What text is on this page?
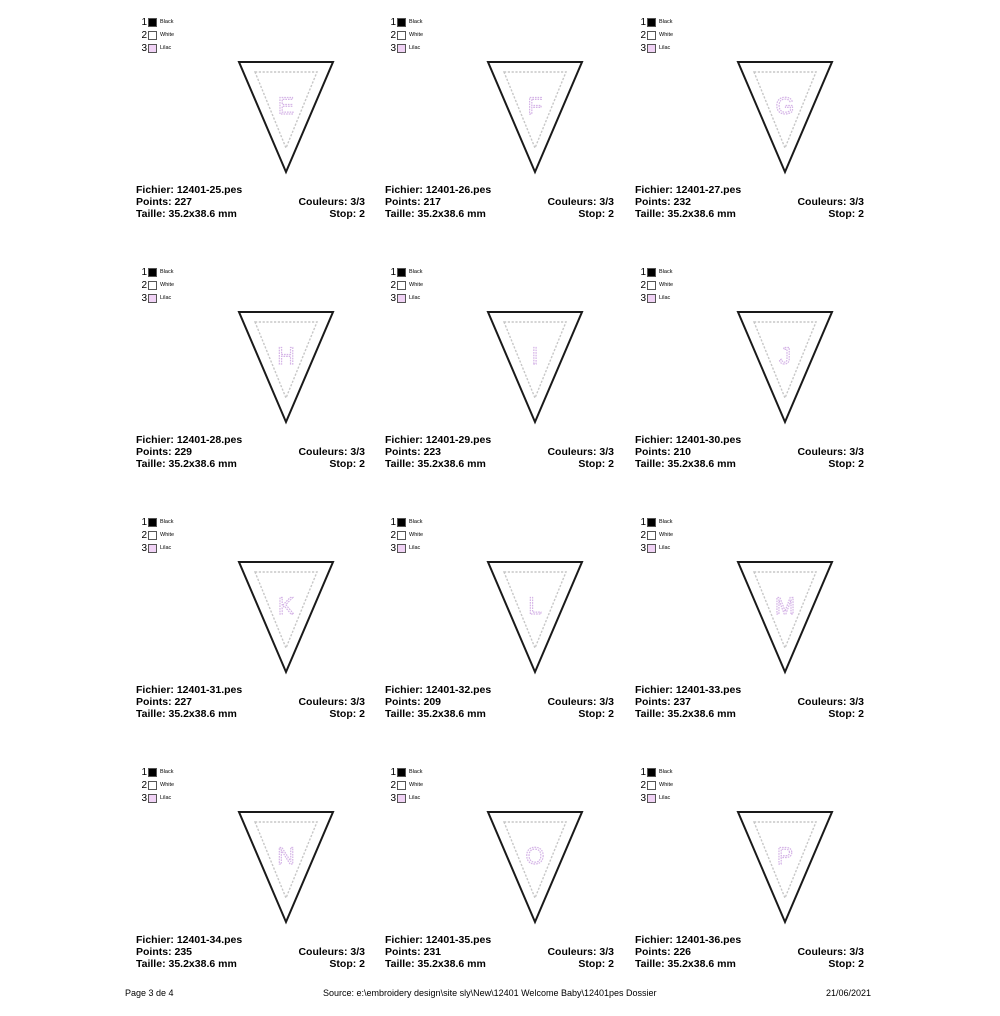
1 Black
2 White
3 Lilac
E
Fichier: 12401-25.pes
Points: 227	Couleurs: 3/3
Taille: 35.2x38.6 mm	Stop: 2
1 Black
2 White
3 Lilac
F
Fichier: 12401-26.pes
Points: 217	Couleurs: 3/3
Taille: 35.2x38.6 mm	Stop: 2
1 Black
2 White
3 Lilac
G
Fichier: 12401-27.pes
Points: 232	Couleurs: 3/3
Taille: 35.2x38.6 mm	Stop: 2
1 Black
2 White
3 Lilac
H
Fichier: 12401-28.pes
Points: 229	Couleurs: 3/3
Taille: 35.2x38.6 mm	Stop: 2
1 Black
2 White
3 Lilac
I
Fichier: 12401-29.pes
Points: 223	Couleurs: 3/3
Taille: 35.2x38.6 mm	Stop: 2
1 Black
2 White
3 Lilac
J
Fichier: 12401-30.pes
Points: 210	Couleurs: 3/3
Taille: 35.2x38.6 mm	Stop: 2
1 Black
2 White
3 Lilac
K
Fichier: 12401-31.pes
Points: 227	Couleurs: 3/3
Taille: 35.2x38.6 mm	Stop: 2
1 Black
2 White
3 Lilac
L
Fichier: 12401-32.pes
Points: 209	Couleurs: 3/3
Taille: 35.2x38.6 mm	Stop: 2
1 Black
2 White
3 Lilac
M
Fichier: 12401-33.pes
Points: 237	Couleurs: 3/3
Taille: 35.2x38.6 mm	Stop: 2
1 Black
2 White
3 Lilac
N
Fichier: 12401-34.pes
Points: 235	Couleurs: 3/3
Taille: 35.2x38.6 mm	Stop: 2
1 Black
2 White
3 Lilac
O
Fichier: 12401-35.pes
Points: 231	Couleurs: 3/3
Taille: 35.2x38.6 mm	Stop: 2
1 Black
2 White
3 Lilac
P
Fichier: 12401-36.pes
Points: 226	Couleurs: 3/3
Taille: 35.2x38.6 mm	Stop: 2
Page 3 de 4	Source: e:\embroidery design\site sly\New\12401 Welcome Baby\12401pes Dossier	21/06/2021
